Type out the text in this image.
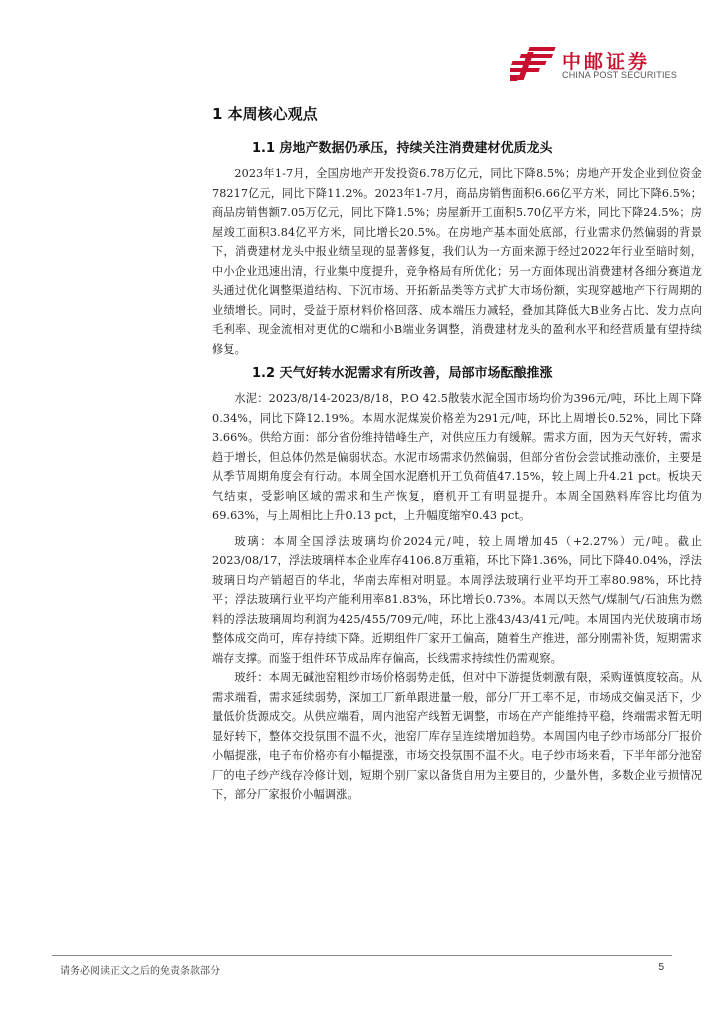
中邮证券
CHINA POST SECURITIES
1 本周核心观点
1.1 房地产数据仍承压，持续关注消费建材优质龙头

2023年1-7月，全国房地产开发投资6.78万亿元，同比下降8.5%；房地产开发企业到位资金78217亿元，同比下降11.2%。2023年1-7月，商品房销售面积6.66亿平方米，同比下降6.5%；商品房销售额7.05万亿元，同比下降1.5%；房屋新开工面积5.70亿平方米，同比下降24.5%；房屋竣工面积3.84亿平方米，同比增长20.5%。在房地产基本面处底部，行业需求仍然偏弱的背景下，消费建材龙头中报业绩呈现的显著修复，我们认为一方面来源于经过2022年行业至暗时刻，中小企业迅速出清，行业集中度提升，竞争格局有所优化；另一方面体现出消费建材各细分赛道龙头通过优化调整渠道结构、下沉市场、开拓新品类等方式扩大市场份额，实现穿越地产下行周期的业绩增长。同时，受益于原材料价格回落、成本端压力减轻，叠加其降低大B业务占比、发力点向毛利率、现金流相对更优的C端和小B端业务调整，消费建材龙头的盈利水平和经营质量有望持续修复。

1.2 天气好转水泥需求有所改善，局部市场酝酿推涨

水泥：2023/8/14-2023/8/18，P.O 42.5散装水泥全国市场均价为396元/吨，环比上周下降0.34%，同比下降12.19%。本周水泥煤炭价格差为291元/吨，环比上周增长0.52%，同比下降3.66%。供给方面：部分省份维持错峰生产，对供应压力有缓解。需求方面，因为天气好转，需求趋于增长，但总体仍然是偏弱状态。水泥市场需求仍然偏弱，但部分省份会尝试推动涨价，主要是从季节周期角度会有行动。本周全国水泥磨机开工负荷值47.15%，较上周上升4.21 pct。板块天气结束，受影响区域的需求和生产恢复，磨机开工有明显提升。本周全国熟料库容比均值为69.63%，与上周相比上升0.13 pct，上升幅度缩窄0.43 pct。

玻璃：本周全国浮法玻璃均价2024元/吨，较上周增加45（+2.27%）元/吨。截止2023/08/17，浮法玻璃样本企业库存4106.8万重箱，环比下降1.36%，同比下降40.04%，浮法玻璃日均产销超百的华北，华南去库相对明显。本周浮法玻璃行业平均开工率80.98%，环比持平；浮法玻璃行业平均产能利用率81.83%，环比增长0.73%。本周以天然气/煤制气/石油焦为燃料的浮法玻璃周均利润为425/455/709元/吨，环比上涨43/43/41元/吨。本周国内光伏玻璃市场整体成交尚可，库存持续下降。近期组件厂家开工偏高，随着生产推进，部分刚需补货，短期需求端存支撑。而鉴于组件环节成品库存偏高，长线需求持续性仍需观察。

玻纤：本周无碱池窑粗纱市场价格弱势走低，但对中下游提货刺激有限，采购谨慎度较高。从需求端看，需求延续弱势，深加工厂新单跟进量一般，部分厂开工率不足，市场成交偏灵活下，少量低价货源成交。从供应端看，周内池窑产线暂无调整，市场在产产能维持平稳，终端需求暂无明显好转下，整体交投氛围不温不火，池窑厂库存呈连续增加趋势。本周国内电子纱市场部分厂报价小幅提涨，电子布价格亦有小幅提涨，市场交投氛围不温不火。电子纱市场来看，下半年部分池窑厂的电子纱产线存冷修计划，短期个别厂家以备货自用为主要目的，少量外售，多数企业亏损情况下，部分厂家报价小幅调涨。

请务必阅读正文之后的免责条款部分	5
